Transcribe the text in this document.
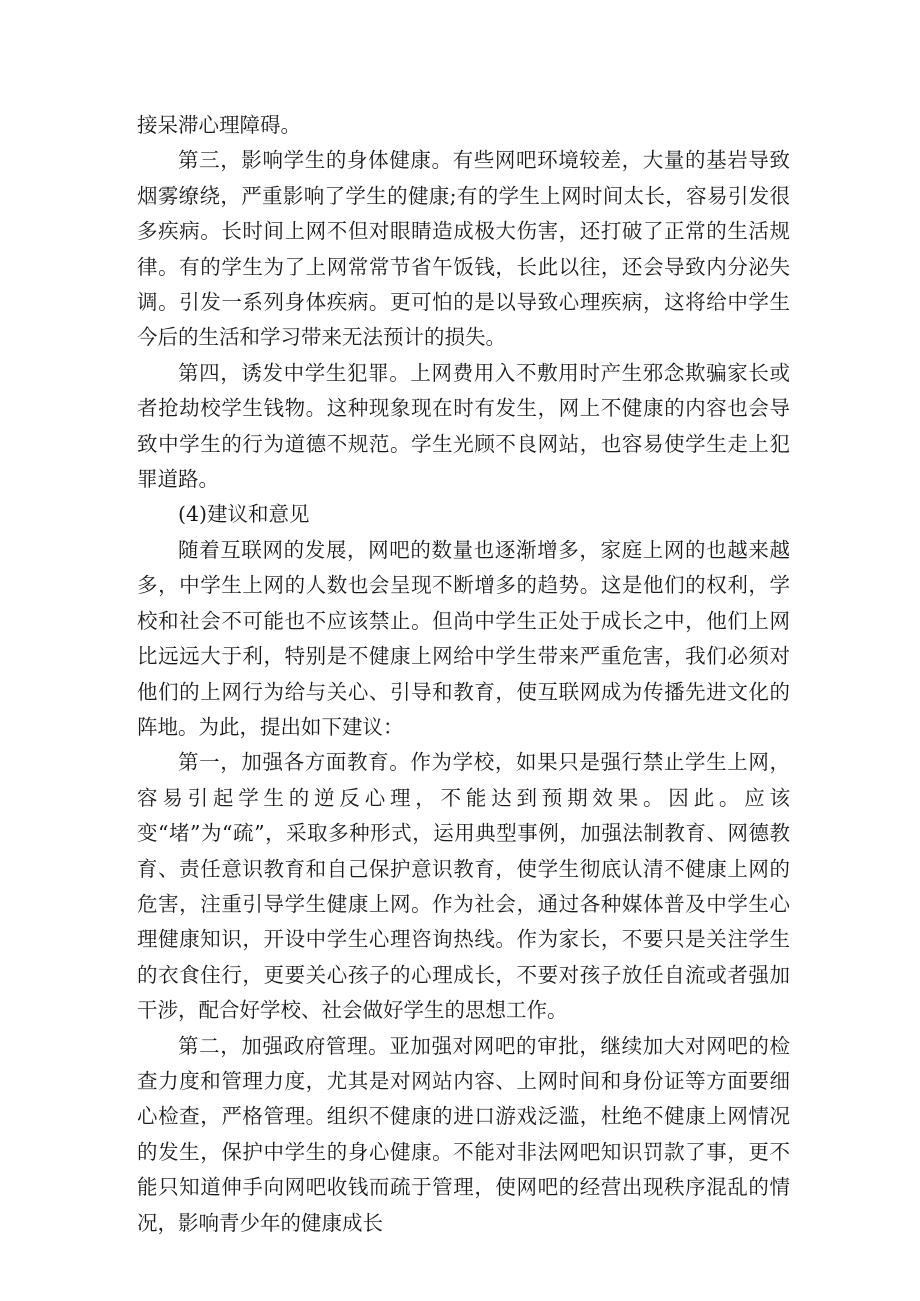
接呆滞心理障碍。

第三，影响学生的身体健康。有些网吧环境较差，大量的基岩导致烟雾缭绕，严重影响了学生的健康;有的学生上网时间太长，容易引发很多疾病。长时间上网不但对眼睛造成极大伤害，还打破了正常的生活规律。有的学生为了上网常常节省午饭钱，长此以往，还会导致内分泌失调。引发一系列身体疾病。更可怕的是以导致心理疾病，这将给中学生今后的生活和学习带来无法预计的损失。

第四，诱发中学生犯罪。上网费用入不敷用时产生邪念欺骗家长或者抢劫校学生钱物。这种现象现在时有发生，网上不健康的内容也会导致中学生的行为道德不规范。学生光顾不良网站，也容易使学生走上犯罪道路。

(4)建议和意见

随着互联网的发展，网吧的数量也逐渐增多，家庭上网的也越来越多，中学生上网的人数也会呈现不断增多的趋势。这是他们的权利，学校和社会不可能也不应该禁止。但尚中学生正处于成长之中，他们上网比远远大于利，特别是不健康上网给中学生带来严重危害，我们必须对他们的上网行为给与关心、引导和教育，使互联网成为传播先进文化的阵地。为此，提出如下建议：

第一，加强各方面教育。作为学校，如果只是强行禁止学生上网，容易引起学生的逆反心理，不能达到预期效果。因此。应该变“堵”为“疏”，采取多种形式，运用典型事例，加强法制教育、网德教育、责任意识教育和自己保护意识教育，使学生彻底认清不健康上网的危害，注重引导学生健康上网。作为社会，通过各种媒体普及中学生心理健康知识，开设中学生心理咨询热线。作为家长，不要只是关注学生的衣食住行，更要关心孩子的心理成长，不要对孩子放任自流或者强加干涉，配合好学校、社会做好学生的思想工作。

第二，加强政府管理。亚加强对网吧的审批，继续加大对网吧的检查力度和管理力度，尤其是对网站内容、上网时间和身份证等方面要细心检查，严格管理。组织不健康的进口游戏泛滥，杜绝不健康上网情况的发生，保护中学生的身心健康。不能对非法网吧知识罚款了事，更不能只知道伸手向网吧收钱而疏于管理，使网吧的经营出现秩序混乱的情况，影响青少年的健康成长
